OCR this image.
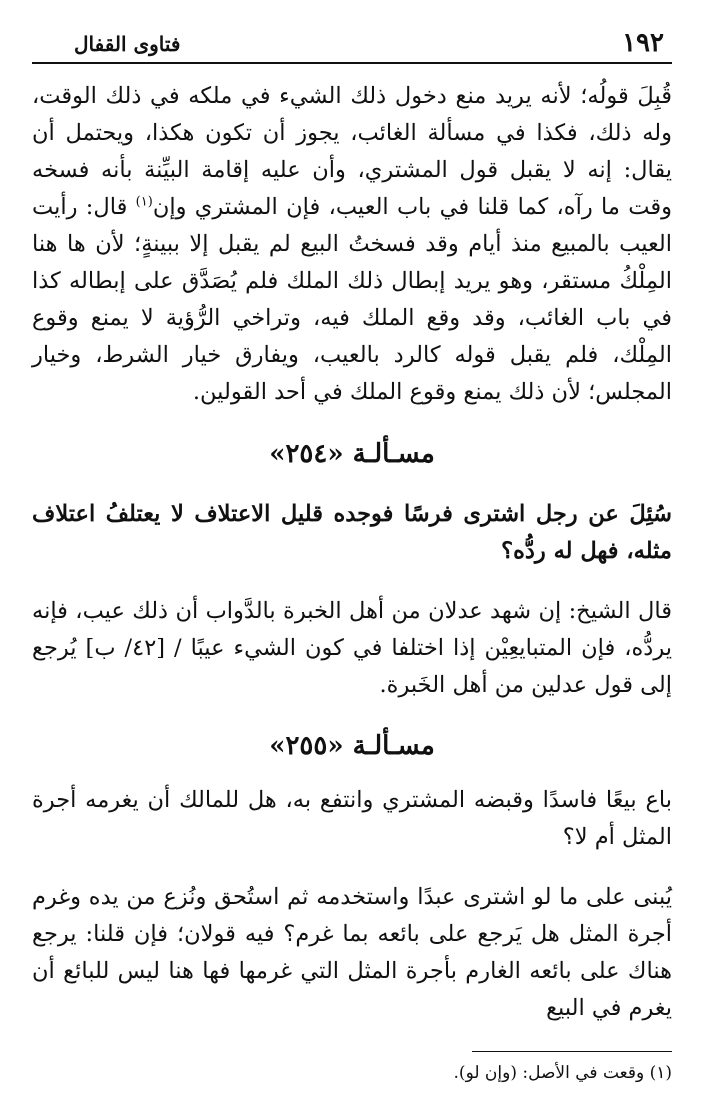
١٩٢
فتاوى القفال

قُبِلَ قولُه؛ لأنه يريد منع دخول ذلك الشيء في ملكه في ذلك الوقت، وله ذلك، فكذا في مسألة الغائب، يجوز أن تكون هكذا، ويحتمل أن يقال: إنه لا يقبل قول المشتري، وأن عليه إقامة البيِّنة بأنه فسخه وقت ما رآه، كما قلنا في باب العيب، فإن المشتري وإن$^{(١)}$ قال: رأيت العيب بالمبيع منذ أيام وقد فسختُ البيع لم يقبل إلا ببينةٍ؛ لأن ها هنا المِلْكُ مستقر، وهو يريد إبطال ذلك الملك فلم يُصَدَّق على إبطاله كذا في باب الغائب، وقد وقع الملك فيه، وتراخي الرُّؤية لا يمنع وقوع المِلْك، فلم يقبل قوله كالرد بالعيب، ويفارق خيار الشرط، وخيار المجلس؛ لأن ذلك يمنع وقوع الملك في أحد القولين.

مسـألـة «٢٥٤»

سُئِلَ عن رجل اشترى فرسًا فوجده قليل الاعتلاف لا يعتلفُ اعتلاف مثله، فهل له ردُّه؟

قال الشيخ: إن شهد عدلان من أهل الخبرة بالدَّواب أن ذلك عيب، فإنه يردُّه، فإن المتبايعِيْن إذا اختلفا في كون الشيء عيبًا / [٤٢/ ب] يُرجع إلى قول عدلين من أهل الخَبرة.

مسـألـة «٢٥٥»

باع بيعًا فاسدًا وقبضه المشتري وانتفع به، هل للمالك أن يغرمه أجرة المثل أم لا؟

يُبنى على ما لو اشترى عبدًا واستخدمه ثم استُحق ونُزع من يده وغرم أجرة المثل هل يَرجع على بائعه بما غرم؟ فيه قولان؛ فإن قلنا: يرجع هناك على بائعه الغارم بأجرة المثل التي غرمها فها هنا ليس للبائع أن يغرم في البيع

(١) وقعت في الأصل: (وإن لو).
